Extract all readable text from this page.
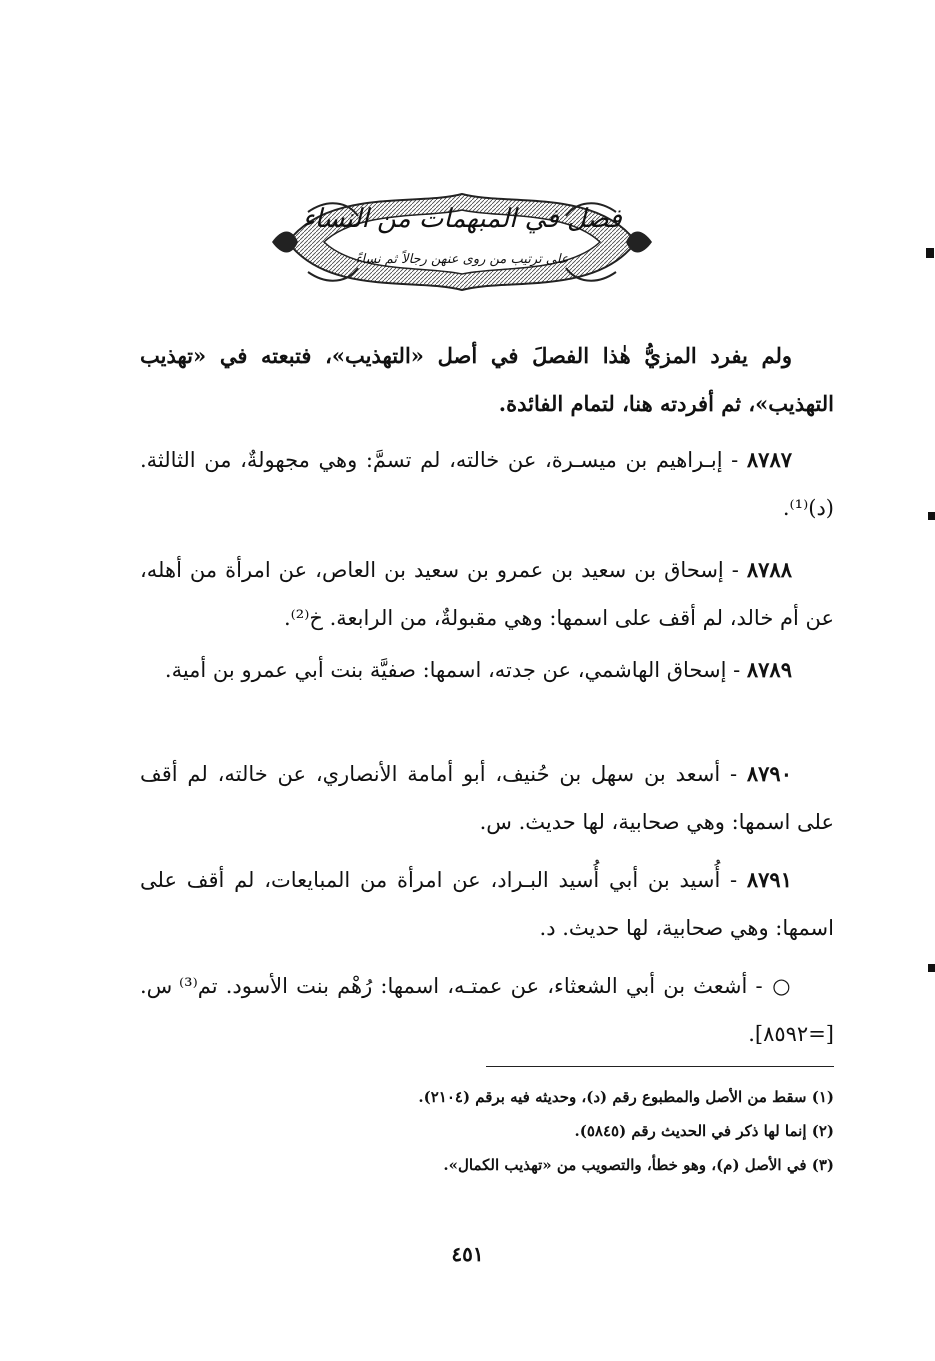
فصل في المبهمات من النساء
على ترتيب من روى عنهن رجالاً ثم نساءً
ولم يفرد المزيُّ هٰذا الفصلَ في أصل «التهذيب»، فتبعته في «تهذيب التهذيب»، ثم أفردته هنا، لتمام الفائدة.
٨٧٨٧ - إبـراهيم بن ميسـرة، عن خالته، لم تسمَّ: وهي مجهولةٌ، من الثالثة. (د)⁽¹⁾.
٨٧٨٨ - إسحاق بن سعيد بن عمرو بن سعيد بن العاص، عن امرأة من أهله، عن أم خالد، لم أقف على اسمها: وهي مقبولةٌ، من الرابعة. خ⁽²⁾.
٨٧٨٩ - إسحاق الهاشمي، عن جدته، اسمها: صفيَّة بنت أبي عمرو بن أمية.
٨٧٩٠ - أسعد بن سهل بن حُنيف، أبو أمامة الأنصاري، عن خالته، لم أقف على اسمها: وهي صحابية، لها حديث. س.
٨٧٩١ - أُسيد بن أبي أُسيد البـراد، عن امرأة من المبايعات، لم أقف على اسمها: وهي صحابية، لها حديث. د.
○ - أشعث بن أبي الشعثاء، عن عمتـه، اسمها: رُهْم بنت الأسود. تم⁽³⁾ س. [=٨٥٩٢].
(١) سقط من الأصل والمطبوع رقم (د)، وحديثه فيه برقم (٢١٠٤).
(٢) إنما لها ذكر في الحديث رقم (٥٨٤٥).
(٣) في الأصل (م)، وهو خطأ، والتصويب من «تهذيب الكمال».
٤٥١
